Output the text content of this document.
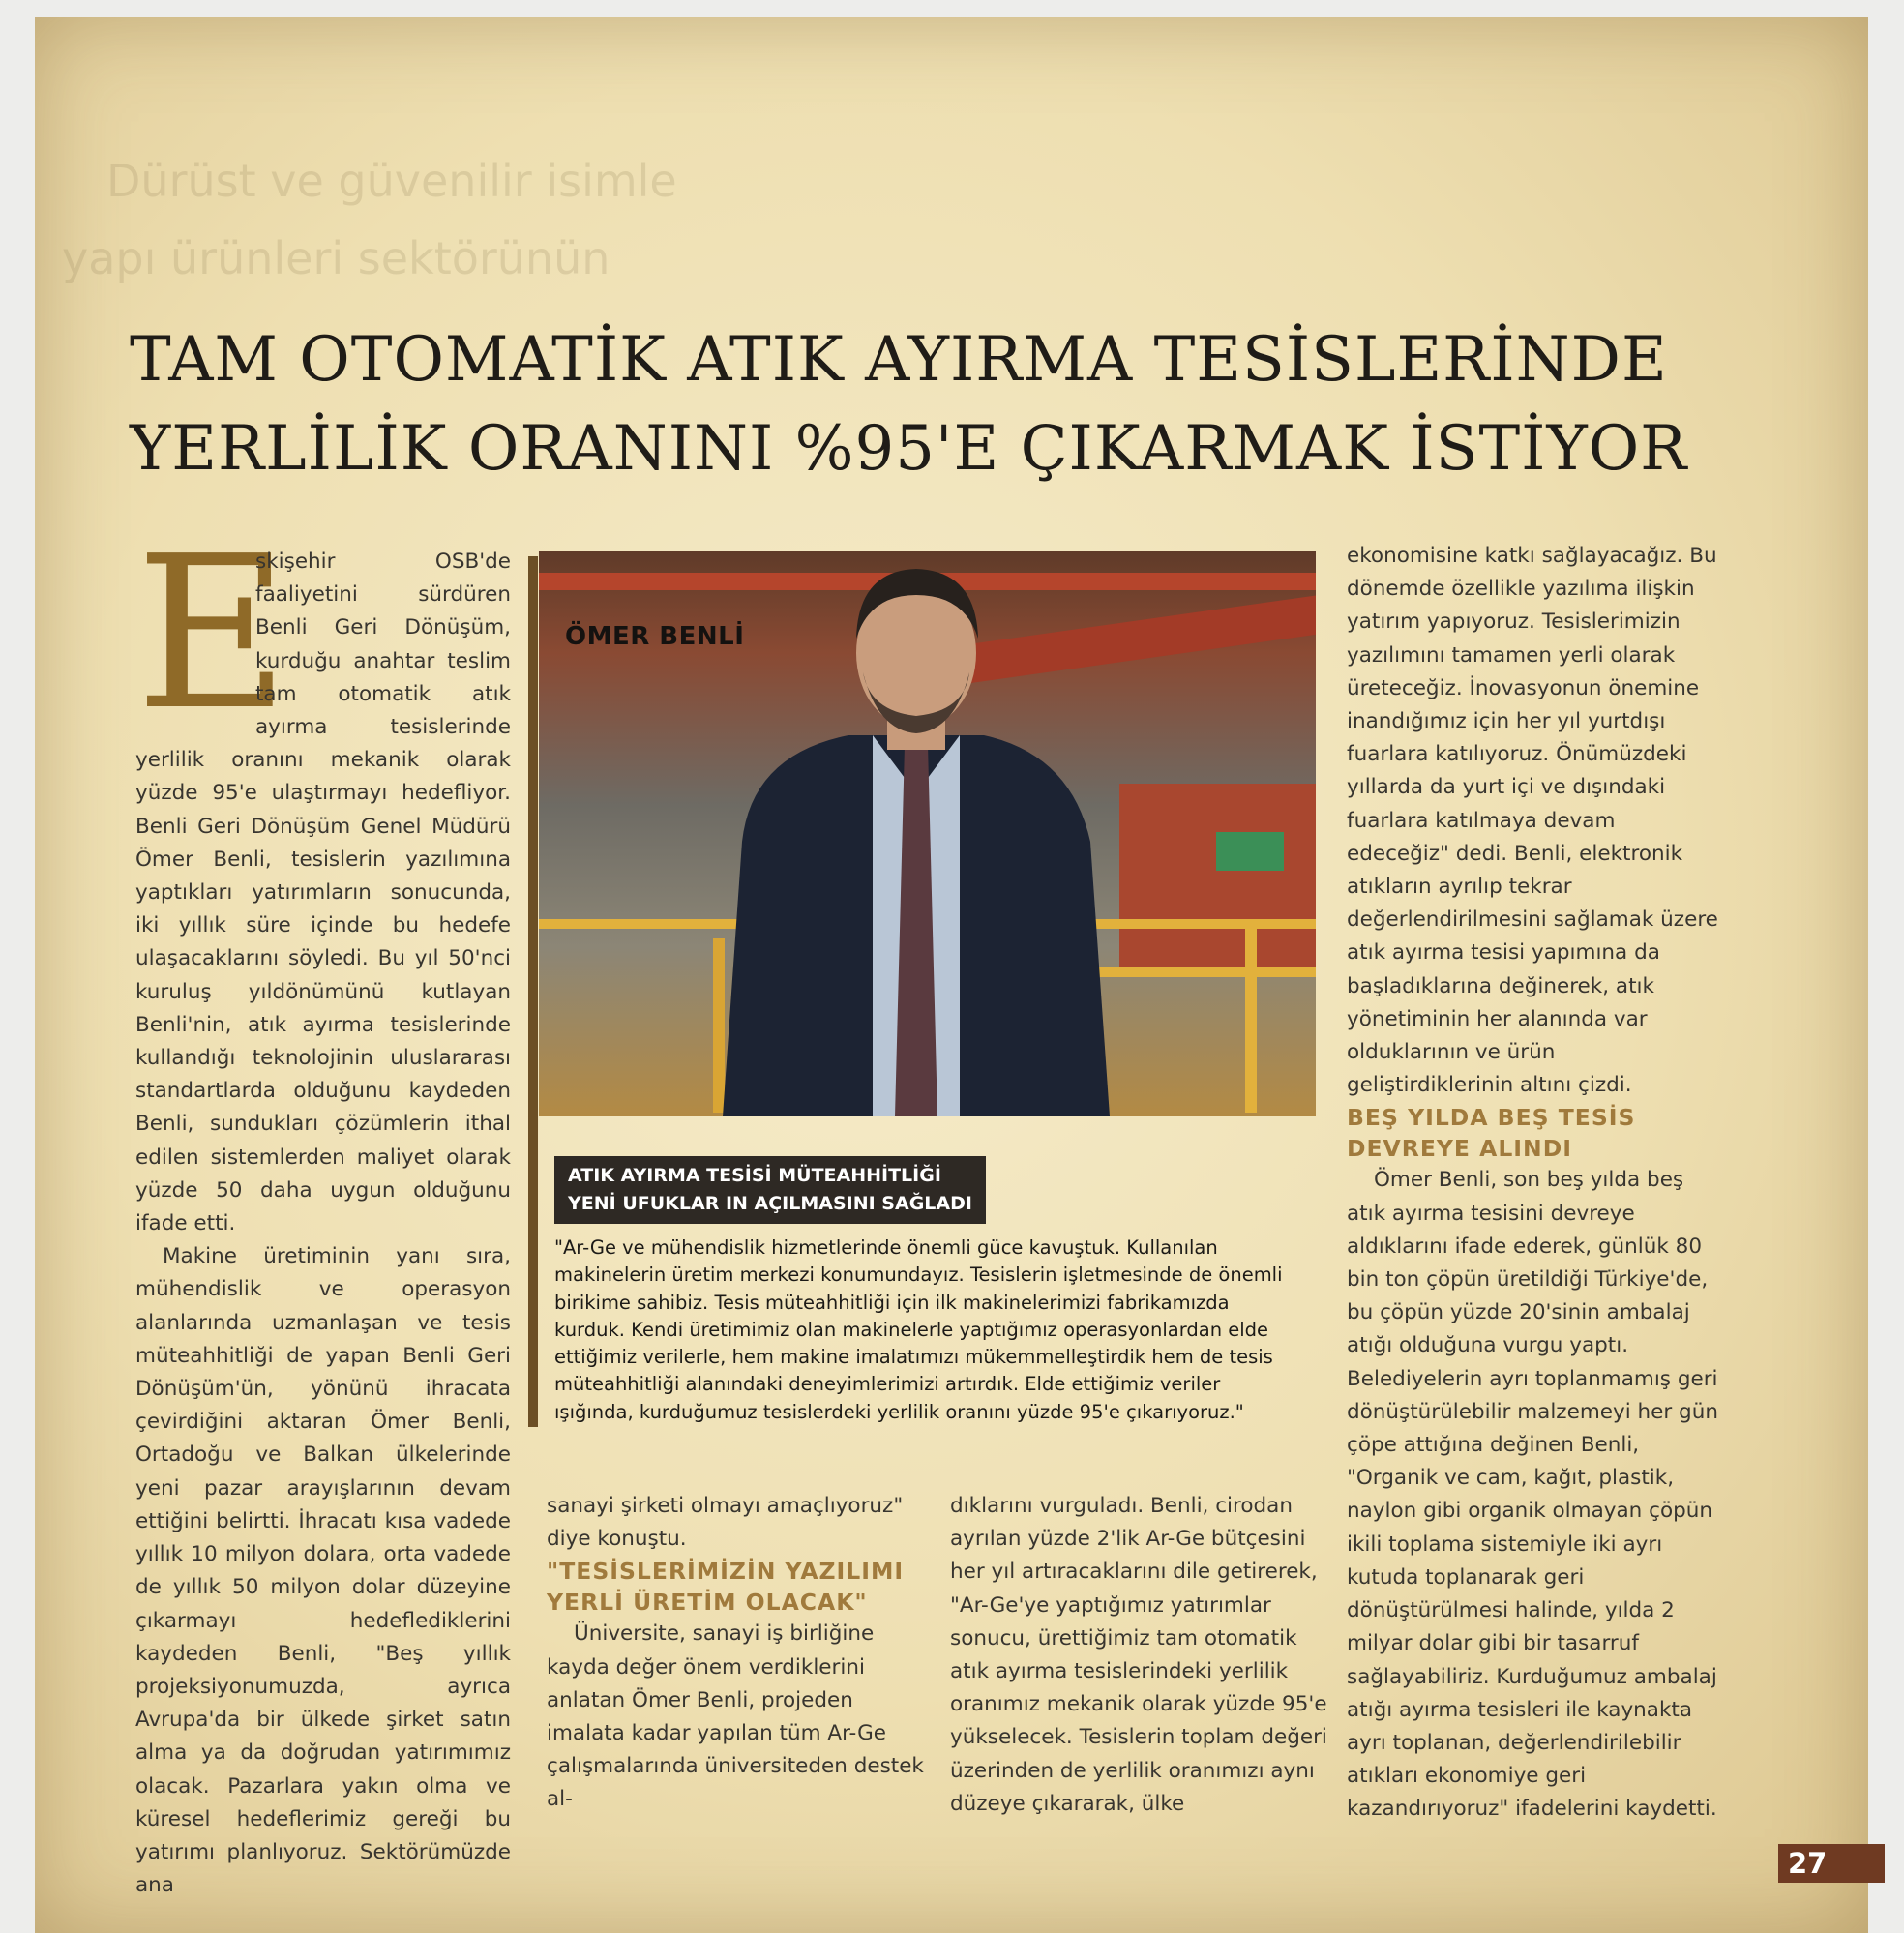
Dürüst ve güvenilir isimle
yapı ürünleri sektörünün
TAM OTOMATİK ATIK AYIRMA TESİSLERİNDE
YERLİLİK ORANINI %95'E ÇIKARMAK İSTİYOR
E

skişehir OSB'de faaliyetini sürdüren Benli Geri Dönüşüm, kurduğu anahtar teslim tam otomatik atık ayırma tesislerinde yerlilik oranını mekanik olarak yüzde 95'e ulaştırmayı hedefliyor. Benli Geri Dönüşüm Genel Müdürü Ömer Benli, tesislerin yazılımına yaptıkları yatırımların sonucunda, iki yıllık süre içinde bu hedefe ulaşacaklarını söyledi. Bu yıl 50'nci kuruluş yıldönümünü kutlayan Benli'nin, atık ayırma tesislerinde kullandığı teknolojinin uluslararası standartlarda olduğunu kaydeden Benli, sundukları çözümlerin ithal edilen sistemlerden maliyet olarak yüzde 50 daha uygun olduğunu ifade etti.

Makine üretiminin yanı sıra, mühendislik ve operasyon alanlarında uzmanlaşan ve tesis müteahhitliği de yapan Benli Geri Dönüşüm'ün, yönünü ihracata çevirdiğini aktaran Ömer Benli, Ortadoğu ve Balkan ülkelerinde yeni pazar arayışlarının devam ettiğini belirtti. İhracatı kısa vadede yıllık 10 milyon dolara, orta vadede de yıllık 50 milyon dolar düzeyine çıkarmayı hedeflediklerini kaydeden Benli, "Beş yıllık projeksiyonumuzda, ayrıca Avrupa'da bir ülkede şirket satın alma ya da doğrudan yatırımımız olacak. Pazarlara yakın olma ve küresel hedeflerimiz gereği bu yatırımı planlıyoruz. Sektörümüzde ana

ÖMER BENLİ
ATIK AYIRMA TESİSİ MÜTEAHHİTLİĞİ
YENİ UFUKLAR IN AÇILMASINI SAĞLADI

"Ar-Ge ve mühendislik hizmetlerinde önemli güce kavuştuk. Kullanılan makinelerin üretim merkezi konumundayız. Tesislerin işletmesinde de önemli birikime sahibiz. Tesis müteahhitliği için ilk makinelerimizi fabrikamızda kurduk. Kendi üretimimiz olan makinelerle yaptığımız operasyonlardan elde ettiğimiz verilerle, hem makine imalatımızı mükemmelleştirdik hem de tesis müteahhitliği alanındaki deneyimlerimizi artırdık. Elde ettiğimiz veriler ışığında, kurduğumuz tesislerdeki yerlilik oranını yüzde 95'e çıkarıyoruz."

sanayi şirketi olmayı amaçlıyoruz" diye konuştu.

"TESİSLERİMİZİN YAZILIMI YERLİ ÜRETİM OLACAK"

Üniversite, sanayi iş birliğine kayda değer önem verdiklerini anlatan Ömer Benli, projeden imalata kadar yapılan tüm Ar-Ge çalışmalarında üniversiteden destek al-

dıklarını vurguladı. Benli, cirodan ayrılan yüzde 2'lik Ar-Ge bütçesini her yıl artıracaklarını dile getirerek, "Ar-Ge'ye yaptığımız yatırımlar sonucu, ürettiğimiz tam otomatik atık ayırma tesislerindeki yerlilik oranımız mekanik olarak yüzde 95'e yükselecek. Tesislerin toplam değeri üzerinden de yerlilik oranımızı aynı düzeye çıkararak, ülke

ekonomisine katkı sağlayacağız. Bu dönemde özellikle yazılıma ilişkin yatırım yapıyoruz. Tesislerimizin yazılımını tamamen yerli olarak üreteceğiz. İnovasyonun önemine inandığımız için her yıl yurtdışı fuarlara katılıyoruz. Önümüzdeki yıllarda da yurt içi ve dışındaki fuarlara katılmaya devam edeceğiz" dedi. Benli, elektronik atıkların ayrılıp tekrar değerlendirilmesini sağlamak üzere atık ayırma tesisi yapımına da başladıklarına değinerek, atık yönetiminin her alanında var olduklarının ve ürün geliştirdiklerinin altını çizdi.

BEŞ YILDA BEŞ TESİS DEVREYE ALINDI

Ömer Benli, son beş yılda beş atık ayırma tesisini devreye aldıklarını ifade ederek, günlük 80 bin ton çöpün üretildiği Türkiye'de, bu çöpün yüzde 20'sinin ambalaj atığı olduğuna vurgu yaptı. Belediyelerin ayrı toplanmamış geri dönüştürülebilir malzemeyi her gün çöpe attığına değinen Benli, "Organik ve cam, kağıt, plastik, naylon gibi organik olmayan çöpün ikili toplama sistemiyle iki ayrı kutuda toplanarak geri dönüştürülmesi halinde, yılda 2 milyar dolar gibi bir tasarruf sağlayabiliriz. Kurduğumuz ambalaj atığı ayırma tesisleri ile kaynakta ayrı toplanan, değerlendirilebilir atıkları ekonomiye geri kazandırıyoruz" ifadelerini kaydetti.

27
